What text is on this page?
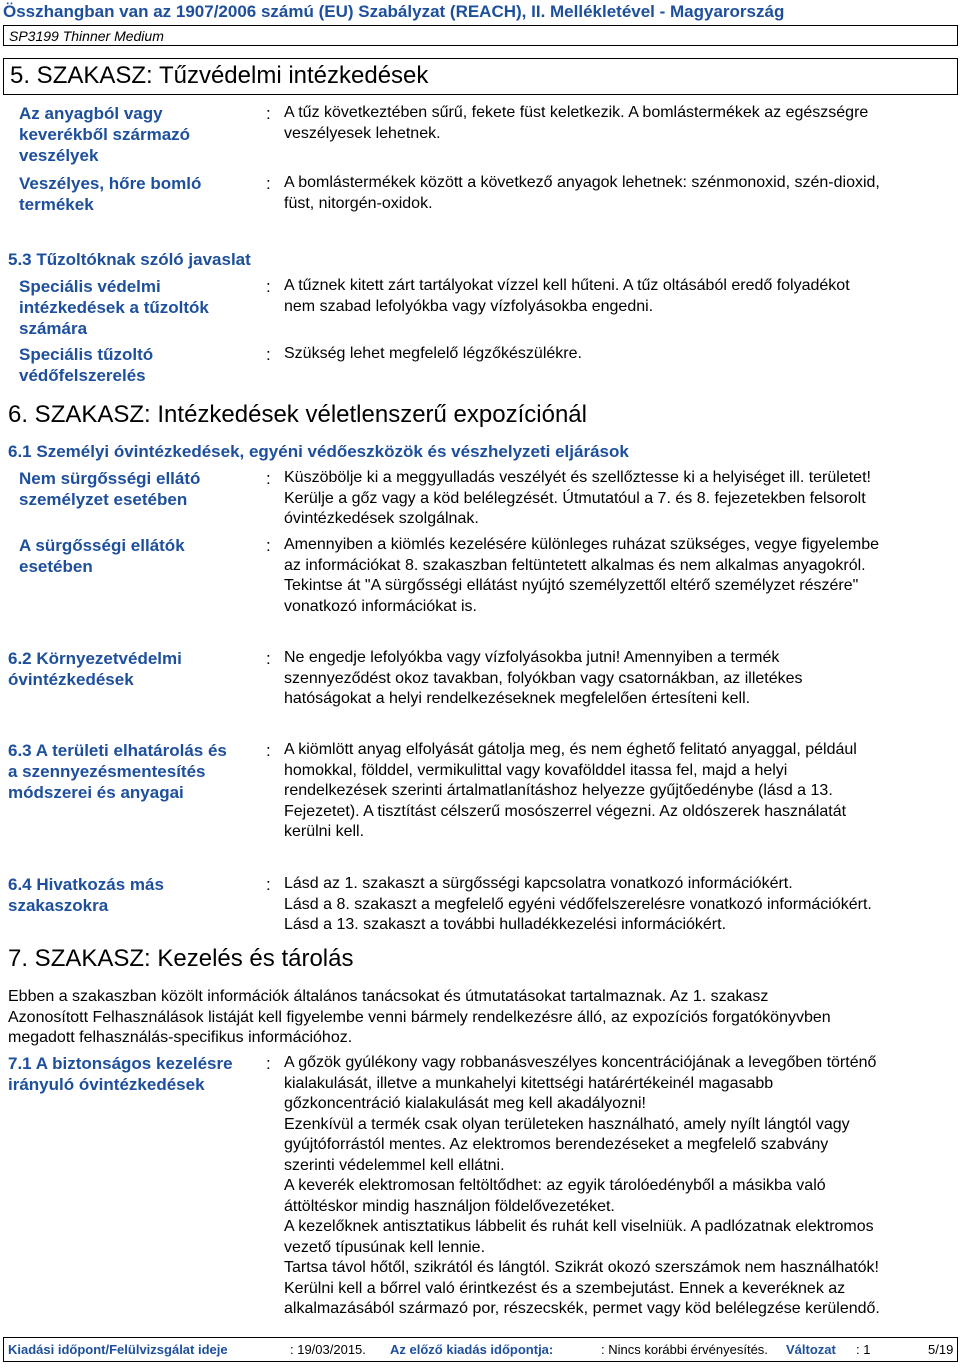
Összhangban van az 1907/2006 számú (EU) Szabályzat (REACH), II. Mellékletével - Magyarország
SP3199 Thinner Medium
5. SZAKASZ: Tűzvédelmi intézkedések
Az anyagból vagy
keverékből származó
veszélyek
: A tűz következtében sűrű, fekete füst keletkezik. A bomlástermékek az egészségre
veszélyesek lehetnek.
Veszélyes, hőre bomló
termékek
: A bomlástermékek között a következő anyagok lehetnek: szénmonoxid, szén-dioxid,
füst, nitorgén-oxidok.
5.3 Tűzoltóknak szóló javaslat
Speciális védelmi
intézkedések a tűzoltók
számára
: A tűznek kitett zárt tartályokat vízzel kell hűteni. A tűz oltásából eredő folyadékot
nem szabad lefolyókba vagy vízfolyásokba engedni.
Speciális tűzoltó
védőfelszerelés
: Szükség lehet megfelelő légzőkészülékre.
6. SZAKASZ: Intézkedések véletlenszerű expozíciónál
6.1 Személyi óvintézkedések, egyéni védőeszközök és vészhelyzeti eljárások
Nem sürgősségi ellátó
személyzet esetében
: Küszöbölje ki a meggyulladás veszélyét és szellőztesse ki a helyiséget ill. területet!
Kerülje a gőz vagy a köd belélegzését. Útmutatóul a 7. és 8. fejezetekben felsorolt
óvintézkedések szolgálnak.
A sürgősségi ellátók
esetében
: Amennyiben a kiömlés kezelésére különleges ruházat szükséges, vegye figyelembe
az információkat 8. szakaszban feltüntetett alkalmas és nem alkalmas anyagokról.
Tekintse át "A sürgősségi ellátást nyújtó személyzettől eltérő személyzet részére"
vonatkozó információkat is.
6.2 Környezetvédelmi
óvintézkedések
: Ne engedje lefolyókba vagy vízfolyásokba jutni! Amennyiben a termék
szennyeződést okoz tavakban, folyókban vagy csatornákban, az illetékes
hatóságokat a helyi rendelkezéseknek megfelelően értesíteni kell.
6.3 A területi elhatárolás és
a szennyezésmentesítés
módszerei és anyagai
: A kiömlött anyag elfolyását gátolja meg, és nem éghető felitató anyaggal, például
homokkal, földdel, vermikulittal vagy kovafölddel itassa fel, majd a helyi
rendelkezések szerinti ártalmatlanításhoz helyezze gyűjtőedénybe (lásd a 13.
Fejezetet). A tisztítást célszerű mosószerrel végezni. Az oldószerek használatát
kerülni kell.
6.4 Hivatkozás más
szakaszokra
: Lásd az 1. szakaszt a sürgősségi kapcsolatra vonatkozó információkért.
Lásd a 8. szakaszt a megfelelő egyéni védőfelszerelésre vonatkozó információkért.
Lásd a 13. szakaszt a további hulladékkezelési információkért.
7. SZAKASZ: Kezelés és tárolás
Ebben a szakaszban közölt információk általános tanácsokat és útmutatásokat tartalmaznak. Az 1. szakasz
Azonosított Felhasználások listáját kell figyelembe venni bármely rendelkezésre álló, az expozíciós forgatókönyvben
megadott felhasználás-specifikus információhoz.
7.1 A biztonságos kezelésre
irányuló óvintézkedések
: A gőzök gyúlékony vagy robbanásveszélyes koncentrációjának a levegőben történő
kialakulását, illetve a munkahelyi kitettségi határértékeinél magasabb
gőzkoncentráció kialakulását meg kell akadályozni!
Ezenkívül a termék csak olyan területeken használható, amely nyílt lángtól vagy
gyújtóforrástól mentes. Az elektromos berendezéseket a megfelelő szabvány
szerinti védelemmel kell ellátni.
A keverék elektromosan feltöltődhet: az egyik tárolóedényből a másikba való
áttöltéskor mindig használjon földelővezetéket.
A kezelőknek antisztatikus lábbelit és ruhát kell viselniük. A padlózatnak elektromos
vezető típusúnak kell lennie.
Tartsa távol hőtől, szikrától és lángtól. Szikrát okozó szerszámok nem használhatók!
Kerülni kell a bőrrel való érintkezést és a szembejutást. Ennek a keveréknek az
alkalmazásából származó por, részecskék, permet vagy köd belélegzése kerülendő.
Kiadási időpont/Felülvizsgálat ideje	: 19/03/2015. Az előző kiadás időpontja:	: Nincs korábbi érvényesítés. Változat : 1	5/19
